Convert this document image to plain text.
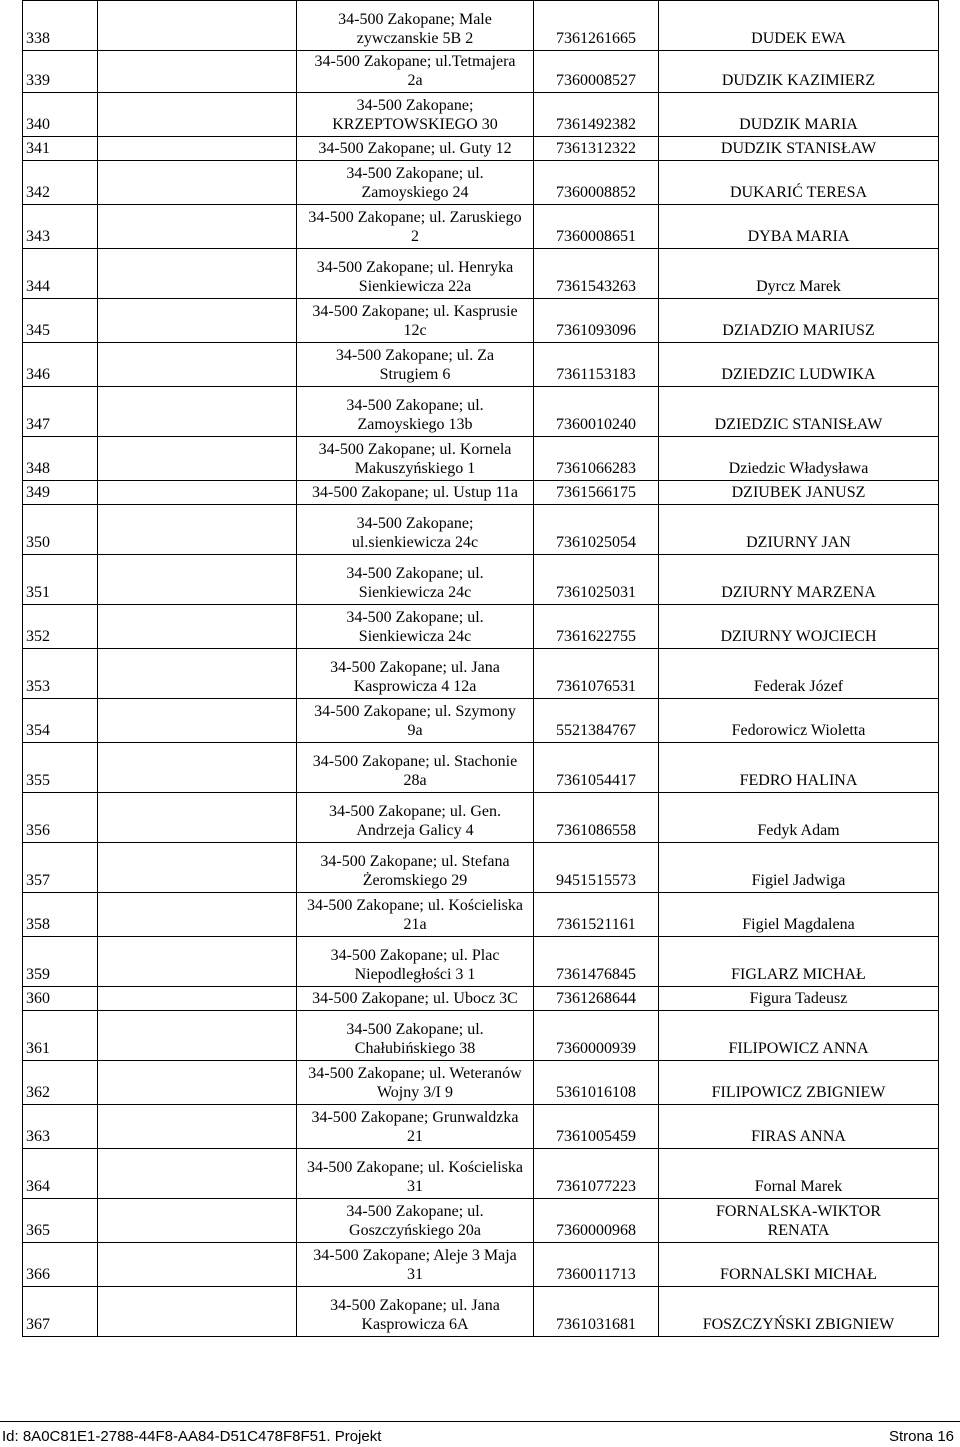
338		34-500 Zakopane; Male
zywczanskie 5B 2	7361261665	DUDEK EWA

339		34-500 Zakopane; ul.Tetmajera
2a	7360008527	DUDZIK KAZIMIERZ

340		34-500 Zakopane;
KRZEPTOWSKIEGO 30	7361492382	DUDZIK MARIA

341		34-500 Zakopane; ul. Guty 12	7361312322	DUDZIK STANISŁAW

342		34-500 Zakopane; ul.
Zamoyskiego 24	7360008852	DUKARIĆ TERESA

343		34-500 Zakopane; ul. Zaruskiego
2	7360008651	DYBA MARIA

344		34-500 Zakopane; ul. Henryka
Sienkiewicza 22a	7361543263	Dyrcz Marek

345		34-500 Zakopane; ul. Kasprusie
12c	7361093096	DZIADZIO MARIUSZ

346		34-500 Zakopane; ul. Za
Strugiem 6	7361153183	DZIEDZIC LUDWIKA

347		34-500 Zakopane; ul.
Zamoyskiego 13b	7360010240	DZIEDZIC STANISŁAW

348		34-500 Zakopane; ul. Kornela
Makuszyńskiego 1	7361066283	Dziedzic Władysława

349		34-500 Zakopane; ul. Ustup 11a	7361566175	DZIUBEK JANUSZ

350		34-500 Zakopane;
ul.sienkiewicza 24c	7361025054	DZIURNY JAN

351		34-500 Zakopane; ul.
Sienkiewicza 24c	7361025031	DZIURNY MARZENA

352		34-500 Zakopane; ul.
Sienkiewicza 24c	7361622755	DZIURNY WOJCIECH

353		34-500 Zakopane; ul. Jana
Kasprowicza 4 12a	7361076531	Federak Józef

354		34-500 Zakopane; ul. Szymony
9a	5521384767	Fedorowicz Wioletta

355		34-500 Zakopane; ul. Stachonie
28a	7361054417	FEDRO HALINA

356		34-500 Zakopane; ul. Gen.
Andrzeja Galicy 4	7361086558	Fedyk Adam

357		34-500 Zakopane; ul. Stefana
Żeromskiego 29	9451515573	Figiel Jadwiga

358		34-500 Zakopane; ul. Kościeliska
21a	7361521161	Figiel Magdalena

359		34-500 Zakopane; ul. Plac
Niepodległości 3 1	7361476845	FIGLARZ MICHAŁ

360		34-500 Zakopane; ul. Ubocz 3C	7361268644	Figura Tadeusz

361		34-500 Zakopane; ul.
Chałubińskiego 38	7360000939	FILIPOWICZ ANNA

362		34-500 Zakopane; ul. Weteranów
Wojny 3/I 9	5361016108	FILIPOWICZ ZBIGNIEW

363		34-500 Zakopane; Grunwaldzka
21	7361005459	FIRAS ANNA

364		34-500 Zakopane; ul. Kościeliska
31	7361077223	Fornal Marek

365		34-500 Zakopane; ul.
Goszczyńskiego 20a	7360000968	FORNALSKA-WIKTOR
RENATA

366		34-500 Zakopane; Aleje 3 Maja
31	7360011713	FORNALSKI MICHAŁ

367		34-500 Zakopane; ul. Jana
Kasprowicza 6A	7361031681	FOSZCZYŃSKI ZBIGNIEW
Id: 8A0C81E1-2788-44F8-AA84-D51C478F8F51. Projekt	Strona 16
